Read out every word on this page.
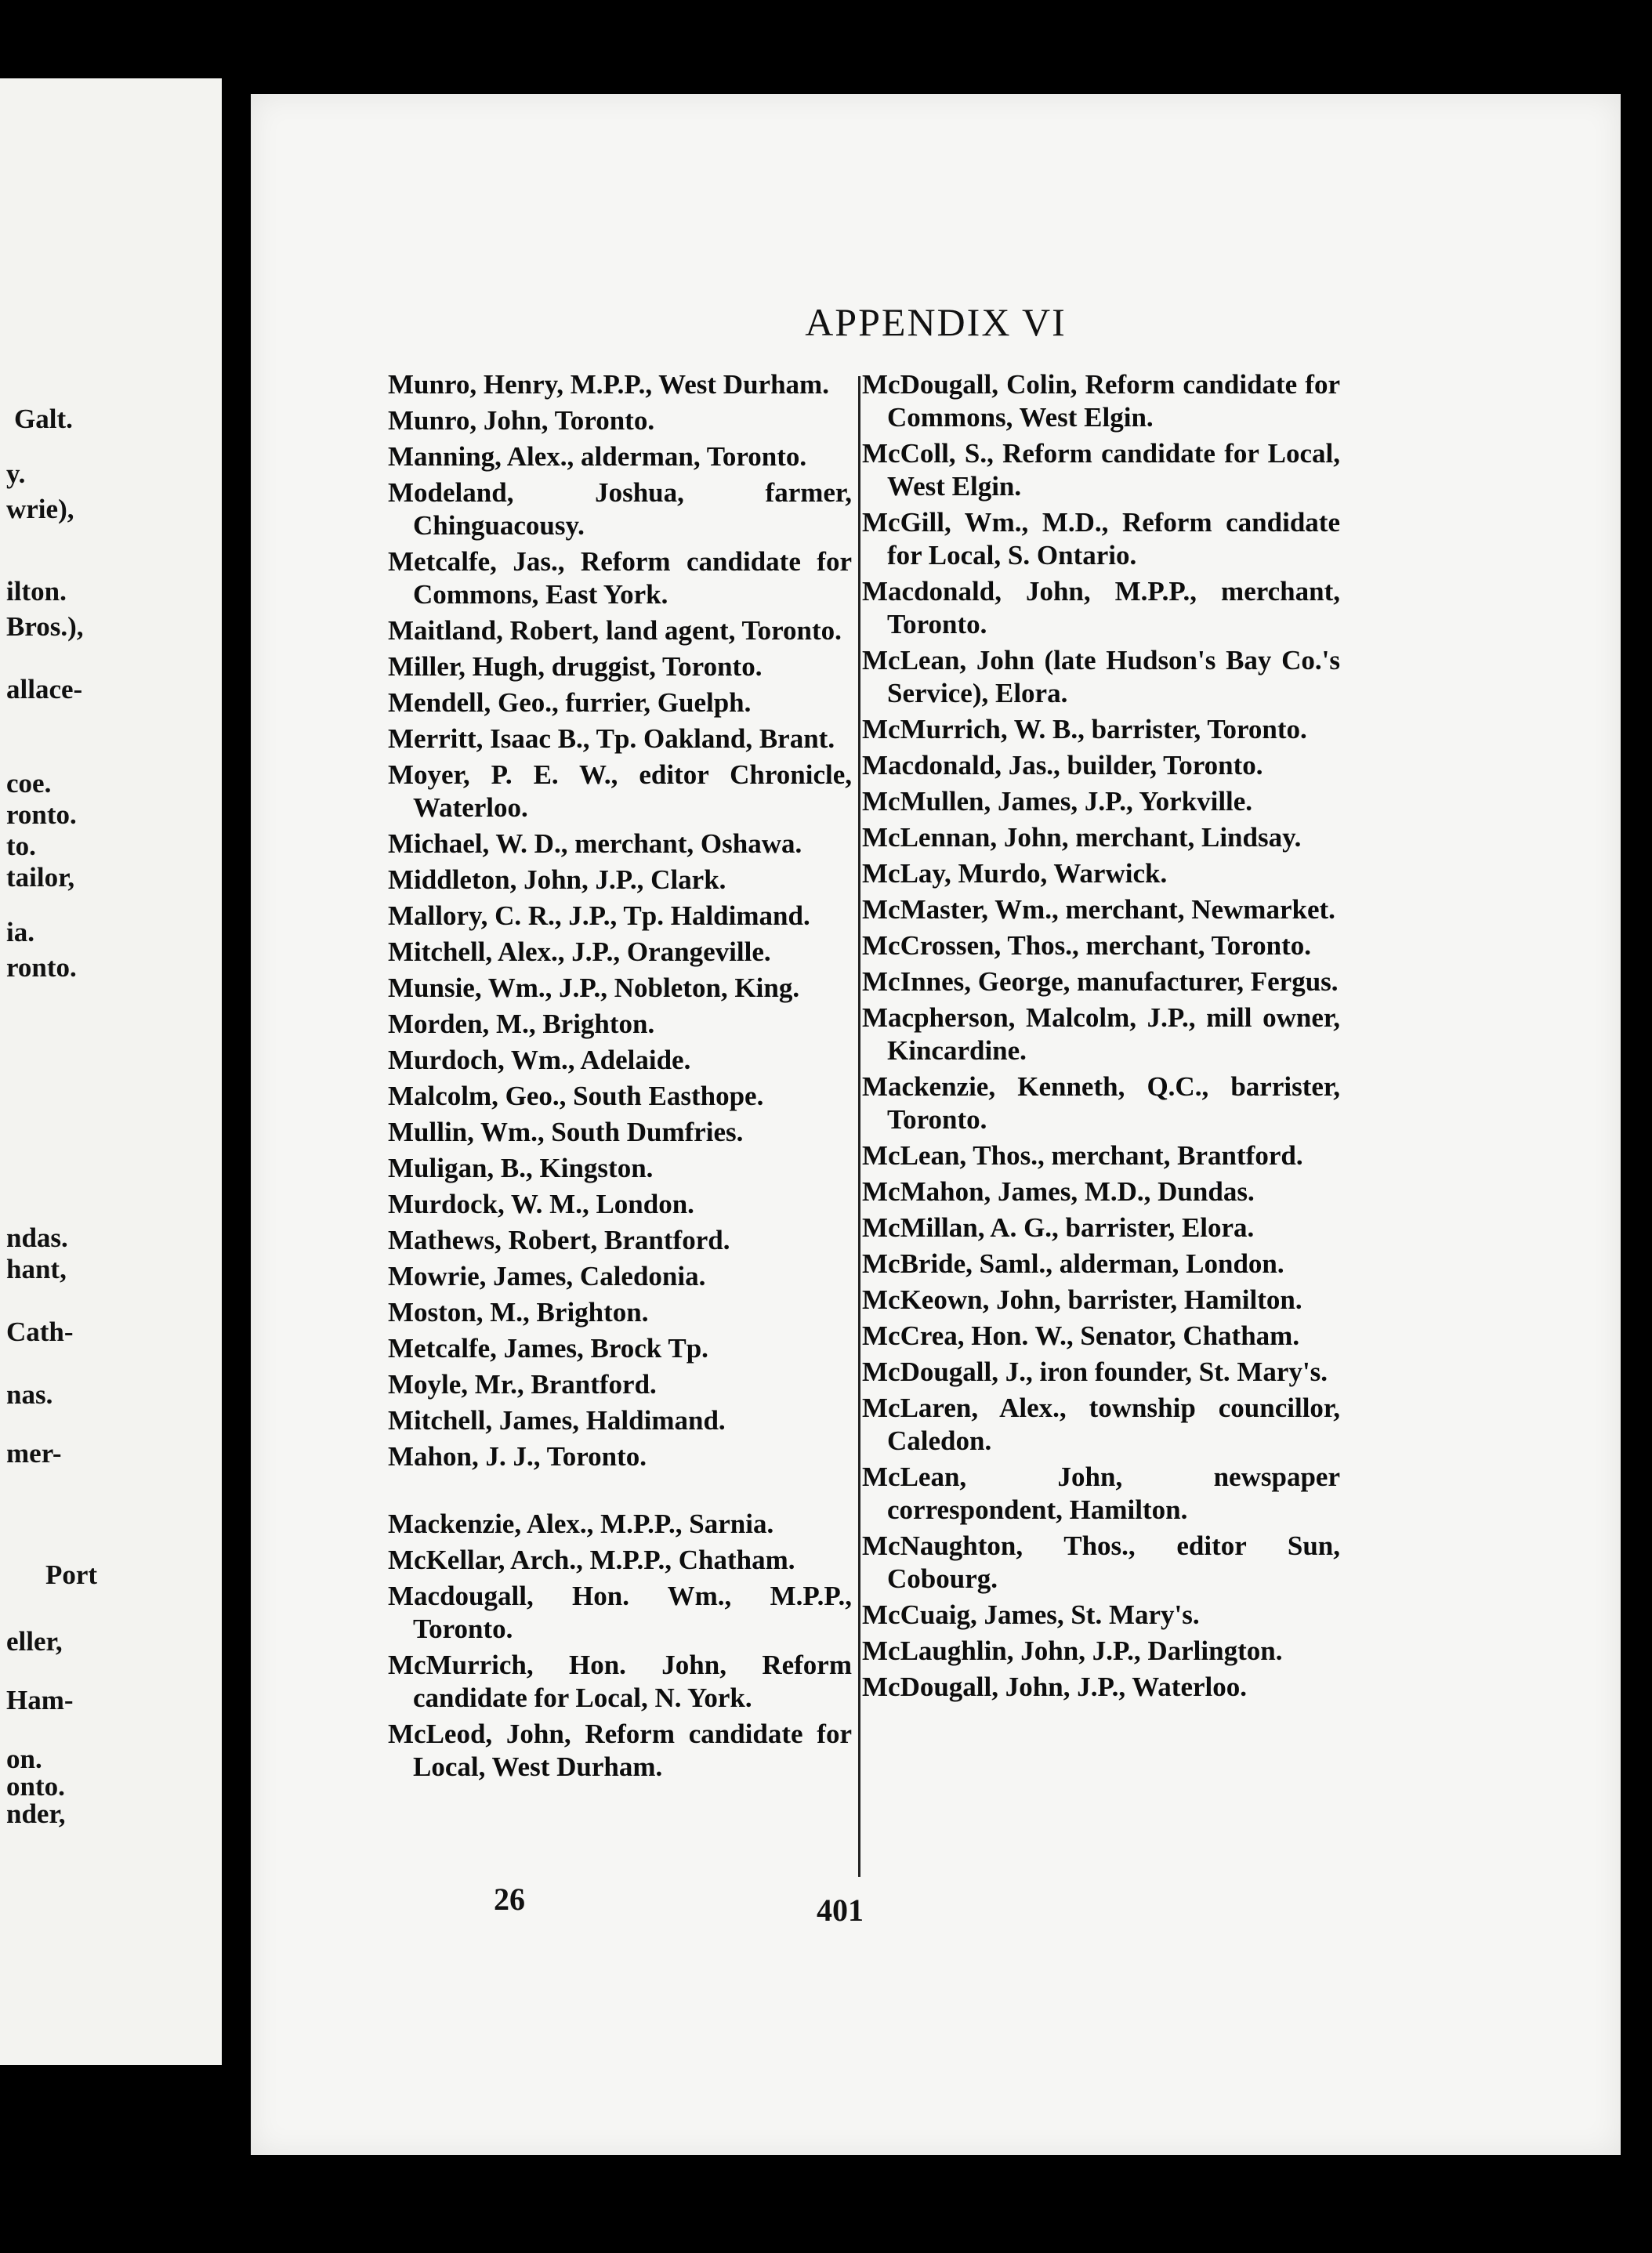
Galt.
y.
wrie),
ilton.
Bros.),
allace-
coe.
ronto.
to.
tailor,
ia.
ronto.
ndas.
hant,
Cath-
nas.
mer-
Port
eller,
Ham-
on.
onto.
nder,
APPENDIX VI
Munro, Henry, M.P.P., West Durham.
Munro, John, Toronto.
Manning, Alex., alderman, Toronto.
Modeland, Joshua, farmer, Chinguacousy.
Metcalfe, Jas., Reform candidate for Commons, East York.
Maitland, Robert, land agent, Toronto.
Miller, Hugh, druggist, Toronto.
Mendell, Geo., furrier, Guelph.
Merritt, Isaac B., Tp. Oakland, Brant.
Moyer, P. E. W., editor Chronicle, Waterloo.
Michael, W. D., merchant, Oshawa.
Middleton, John, J.P., Clark.
Mallory, C. R., J.P., Tp. Haldimand.
Mitchell, Alex., J.P., Orangeville.
Munsie, Wm., J.P., Nobleton, King.
Morden, M., Brighton.
Murdoch, Wm., Adelaide.
Malcolm, Geo., South Easthope.
Mullin, Wm., South Dumfries.
Muligan, B., Kingston.
Murdock, W. M., London.
Mathews, Robert, Brantford.
Mowrie, James, Caledonia.
Moston, M., Brighton.
Metcalfe, James, Brock Tp.
Moyle, Mr., Brantford.
Mitchell, James, Haldimand.
Mahon, J. J., Toronto.
Mackenzie, Alex., M.P.P., Sarnia.
McKellar, Arch., M.P.P., Chatham.
Macdougall, Hon. Wm., M.P.P., Toronto.
McMurrich, Hon. John, Reform candidate for Local, N. York.
McLeod, John, Reform candidate for Local, West Durham.
McDougall, Colin, Reform candidate for Commons, West Elgin.
McColl, S., Reform candidate for Local, West Elgin.
McGill, Wm., M.D., Reform candidate for Local, S. Ontario.
Macdonald, John, M.P.P., merchant, Toronto.
McLean, John (late Hudson's Bay Co.'s Service), Elora.
McMurrich, W. B., barrister, Toronto.
Macdonald, Jas., builder, Toronto.
McMullen, James, J.P., Yorkville.
McLennan, John, merchant, Lindsay.
McLay, Murdo, Warwick.
McMaster, Wm., merchant, Newmarket.
McCrossen, Thos., merchant, Toronto.
McInnes, George, manufacturer, Fergus.
Macpherson, Malcolm, J.P., mill owner, Kincardine.
Mackenzie, Kenneth, Q.C., barrister, Toronto.
McLean, Thos., merchant, Brantford.
McMahon, James, M.D., Dundas.
McMillan, A. G., barrister, Elora.
McBride, Saml., alderman, London.
McKeown, John, barrister, Hamilton.
McCrea, Hon. W., Senator, Chatham.
McDougall, J., iron founder, St. Mary's.
McLaren, Alex., township councillor, Caledon.
McLean, John, newspaper correspondent, Hamilton.
McNaughton, Thos., editor Sun, Cobourg.
McCuaig, James, St. Mary's.
McLaughlin, John, J.P., Darlington.
McDougall, John, J.P., Waterloo.
26	401
